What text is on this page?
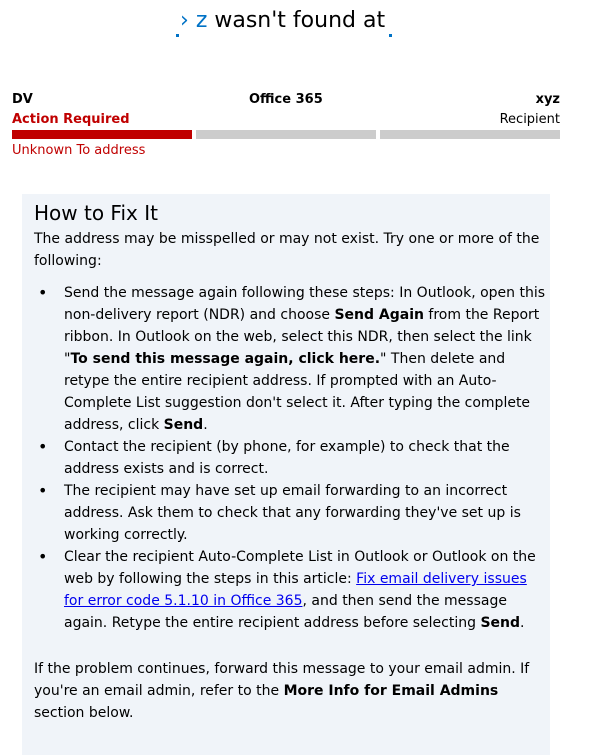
› z wasn't found at
DV
Action Required
Unknown To address
Office 365	xyz
Recipient
How to Fix It
The address may be misspelled or may not exist. Try one or more of the following:
• Send the message again following these steps: In Outlook, open this non-delivery report (NDR) and choose Send Again from the Report ribbon. In Outlook on the web, select this NDR, then select the link "To send this message again, click here." Then delete and retype the entire recipient address. If prompted with an Auto-Complete List suggestion don't select it. After typing the complete address, click Send.
• Contact the recipient (by phone, for example) to check that the address exists and is correct.
• The recipient may have set up email forwarding to an incorrect address. Ask them to check that any forwarding they've set up is working correctly.
• Clear the recipient Auto-Complete List in Outlook or Outlook on the web by following the steps in this article: Fix email delivery issues for error code 5.1.10 in Office 365, and then send the message again. Retype the entire recipient address before selecting Send.
If the problem continues, forward this message to your email admin. If you're an email admin, refer to the More Info for Email Admins section below.
